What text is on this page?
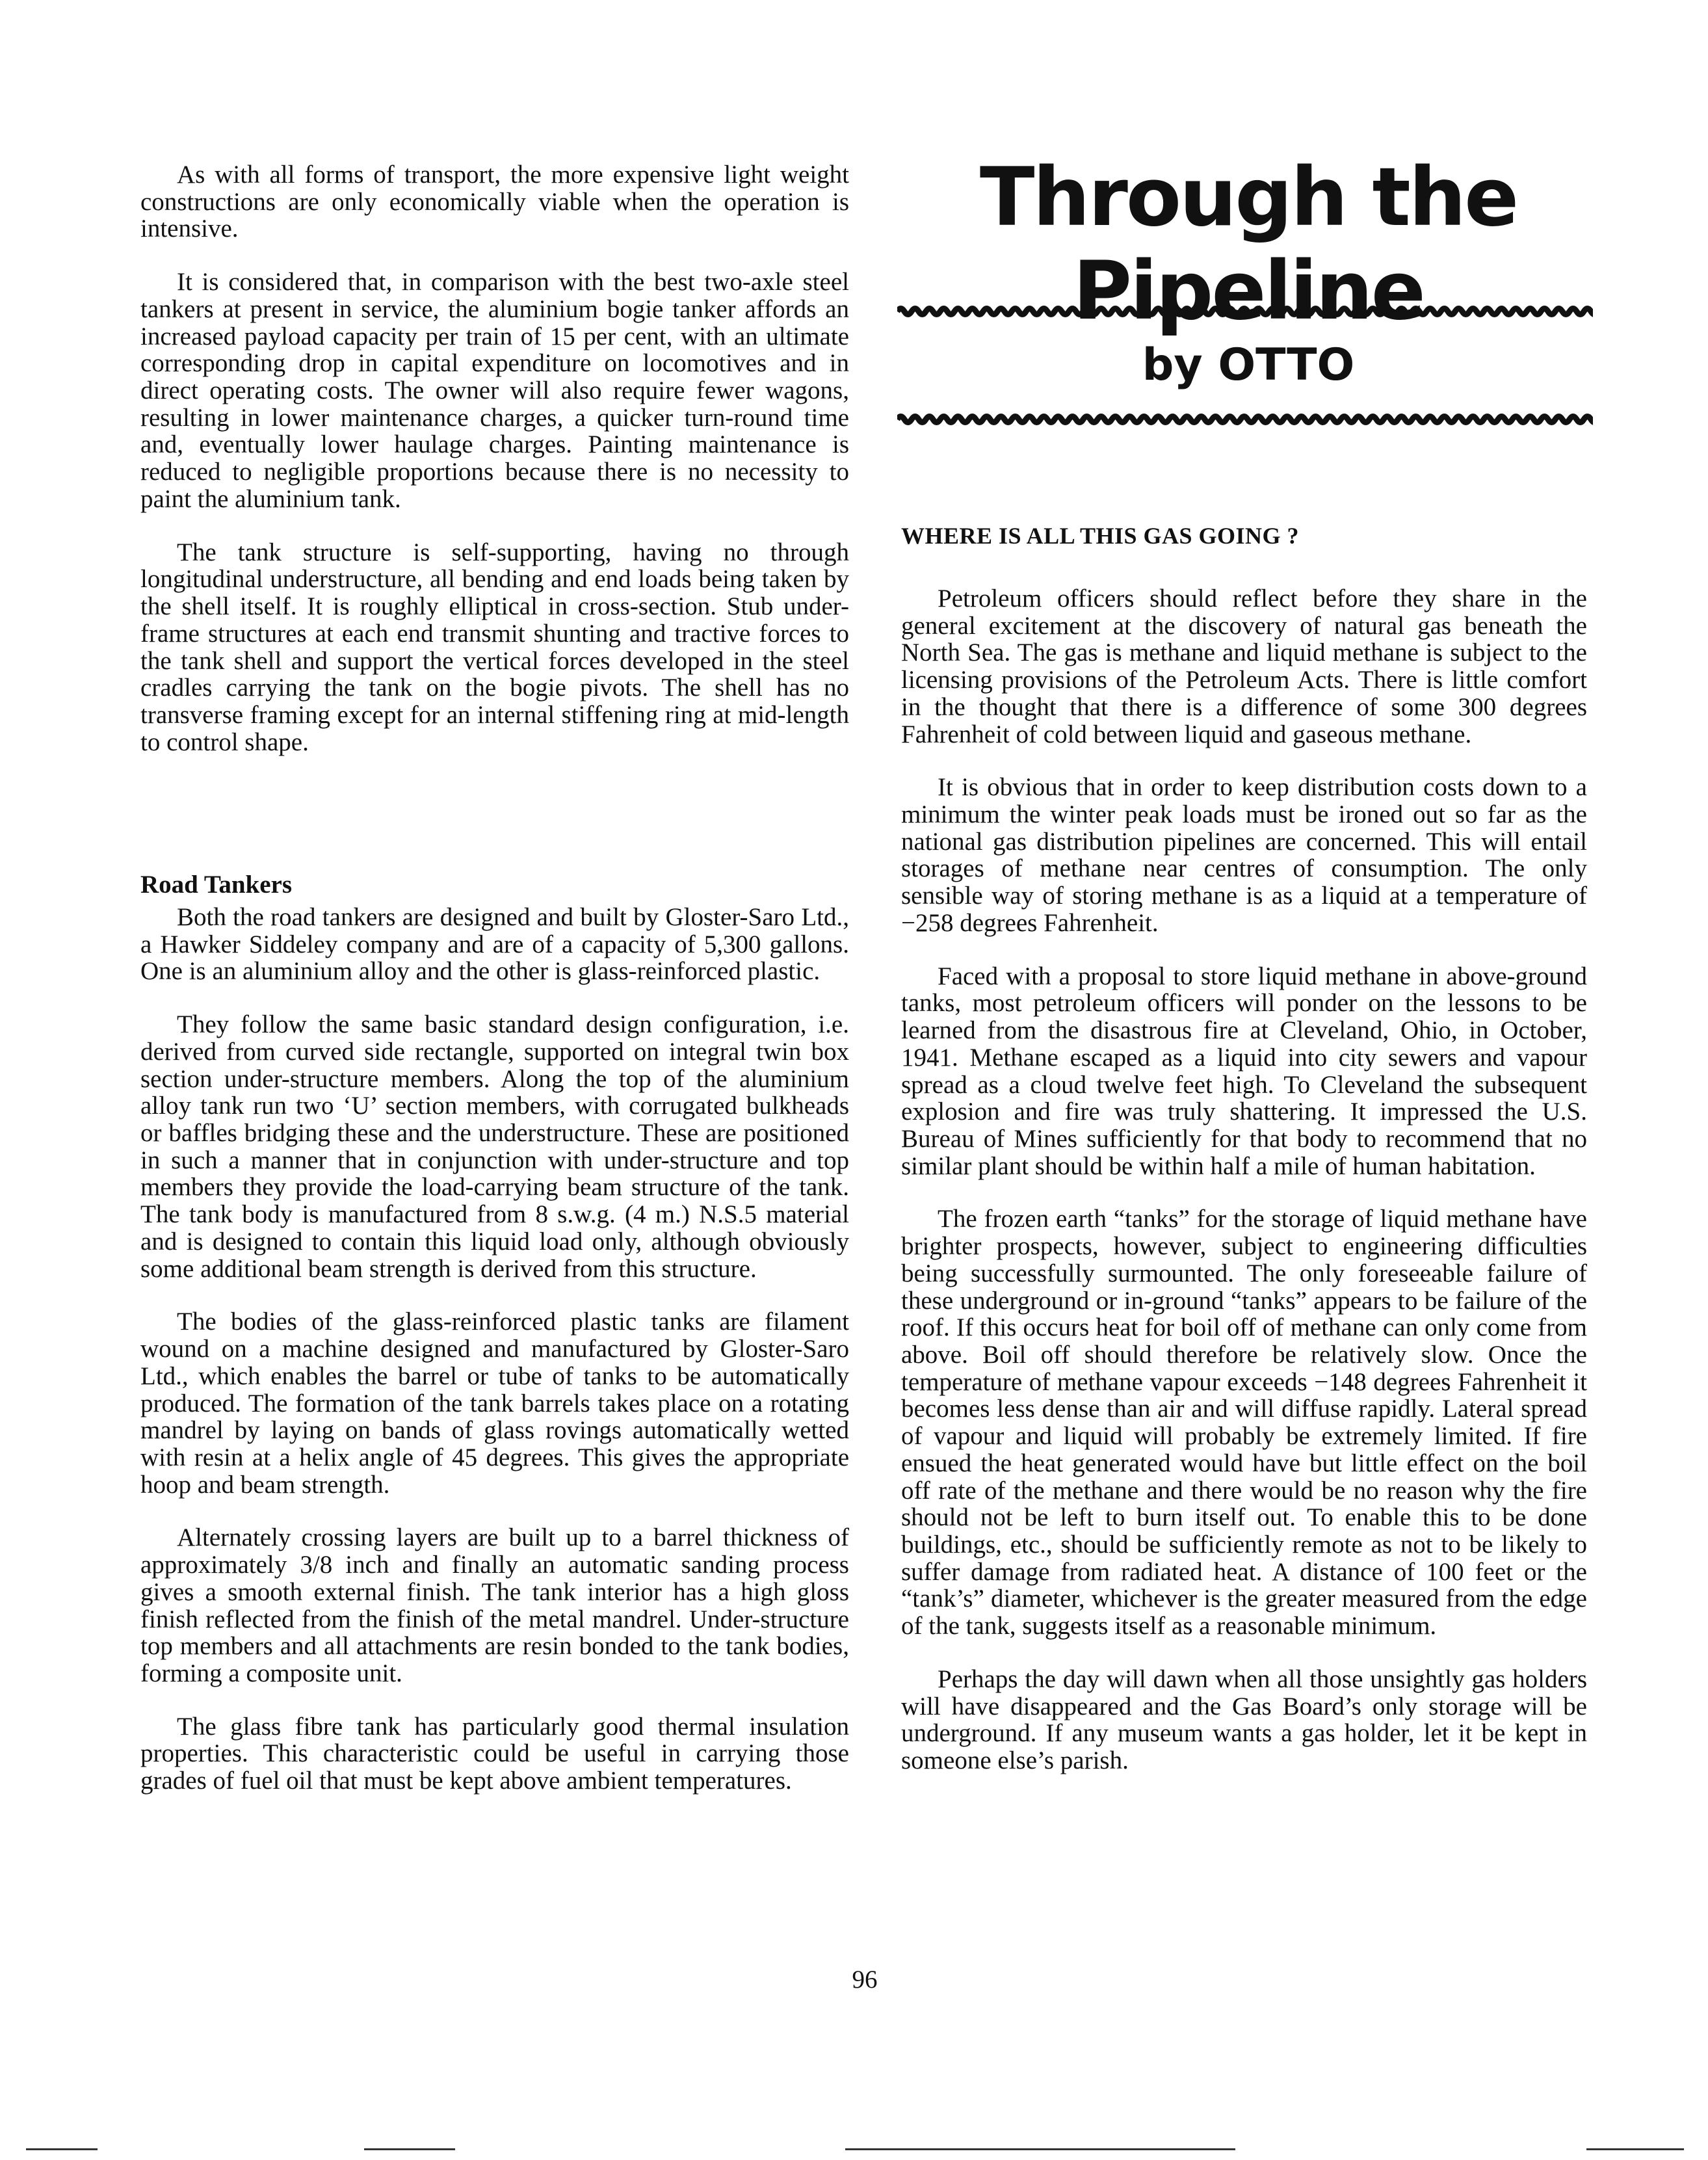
As with all forms of transport, the more expensive light weight constructions are only economically viable when the operation is intensive.

It is considered that, in comparison with the best two-axle steel tankers at present in service, the aluminium bogie tanker affords an increased payload capacity per train of 15 per cent, with an ultimate corresponding drop in capital expenditure on locomotives and in direct operating costs. The owner will also require fewer wagons, resulting in lower maintenance charges, a quicker turn-round time and, eventually lower haulage charges. Painting maintenance is reduced to negligible proportions because there is no necessity to paint the aluminium tank.

The tank structure is self-supporting, having no through longitudinal understructure, all bending and end loads being taken by the shell itself. It is roughly elliptical in cross-section. Stub under-frame structures at each end transmit shunting and tractive forces to the tank shell and support the vertical forces developed in the steel cradles carrying the tank on the bogie pivots. The shell has no transverse framing except for an internal stiffening ring at mid-length to control shape.

Road Tankers

Both the road tankers are designed and built by Gloster-Saro Ltd., a Hawker Siddeley company and are of a capacity of 5,300 gallons. One is an aluminium alloy and the other is glass-reinforced plastic.

They follow the same basic standard design configuration, i.e. derived from curved side rectangle, supported on integral twin box section under-structure members. Along the top of the aluminium alloy tank run two ‘U’ section members, with corrugated bulkheads or baffles bridging these and the understructure. These are positioned in such a manner that in conjunction with under-structure and top members they provide the load-carrying beam structure of the tank. The tank body is manufactured from 8 s.w.g. (4 m.) N.S.5 material and is designed to contain this liquid load only, although obviously some additional beam strength is derived from this structure.

The bodies of the glass-reinforced plastic tanks are filament wound on a machine designed and manufactured by Gloster-Saro Ltd., which enables the barrel or tube of tanks to be automatically produced. The formation of the tank barrels takes place on a rotating mandrel by laying on bands of glass rovings automatically wetted with resin at a helix angle of 45 degrees. This gives the appropriate hoop and beam strength.

Alternately crossing layers are built up to a barrel thickness of approximately 3/8 inch and finally an automatic sanding process gives a smooth external finish. The tank interior has a high gloss finish reflected from the finish of the metal mandrel. Under-structure top members and all attachments are resin bonded to the tank bodies, forming a composite unit.

The glass fibre tank has particularly good thermal insulation properties. This characteristic could be useful in carrying those grades of fuel oil that must be kept above ambient temperatures.

Through the Pipeline
by OTTO
WHERE IS ALL THIS GAS GOING ?

Petroleum officers should reflect before they share in the general excitement at the discovery of natural gas beneath the North Sea. The gas is methane and liquid methane is subject to the licensing provisions of the Petroleum Acts. There is little comfort in the thought that there is a difference of some 300 degrees Fahrenheit of cold between liquid and gaseous methane.

It is obvious that in order to keep distribution costs down to a minimum the winter peak loads must be ironed out so far as the national gas distribution pipelines are concerned. This will entail storages of methane near centres of consumption. The only sensible way of storing methane is as a liquid at a temperature of −258 degrees Fahrenheit.

Faced with a proposal to store liquid methane in above-ground tanks, most petroleum officers will ponder on the lessons to be learned from the disastrous fire at Cleveland, Ohio, in October, 1941. Methane escaped as a liquid into city sewers and vapour spread as a cloud twelve feet high. To Cleveland the subsequent explosion and fire was truly shattering. It impressed the U.S. Bureau of Mines sufficiently for that body to recommend that no similar plant should be within half a mile of human habitation.

The frozen earth “tanks” for the storage of liquid methane have brighter prospects, however, subject to engineering difficulties being successfully surmounted. The only foreseeable failure of these underground or in-ground “tanks” appears to be failure of the roof. If this occurs heat for boil off of methane can only come from above. Boil off should therefore be relatively slow. Once the temperature of methane vapour exceeds −148 degrees Fahrenheit it becomes less dense than air and will diffuse rapidly. Lateral spread of vapour and liquid will probably be extremely limited. If fire ensued the heat generated would have but little effect on the boil off rate of the methane and there would be no reason why the fire should not be left to burn itself out. To enable this to be done buildings, etc., should be sufficiently remote as not to be likely to suffer damage from radiated heat. A distance of 100 feet or the “tank’s” diameter, whichever is the greater measured from the edge of the tank, suggests itself as a reasonable minimum.

Perhaps the day will dawn when all those unsightly gas holders will have disappeared and the Gas Board’s only storage will be underground. If any museum wants a gas holder, let it be kept in someone else’s parish.

96
